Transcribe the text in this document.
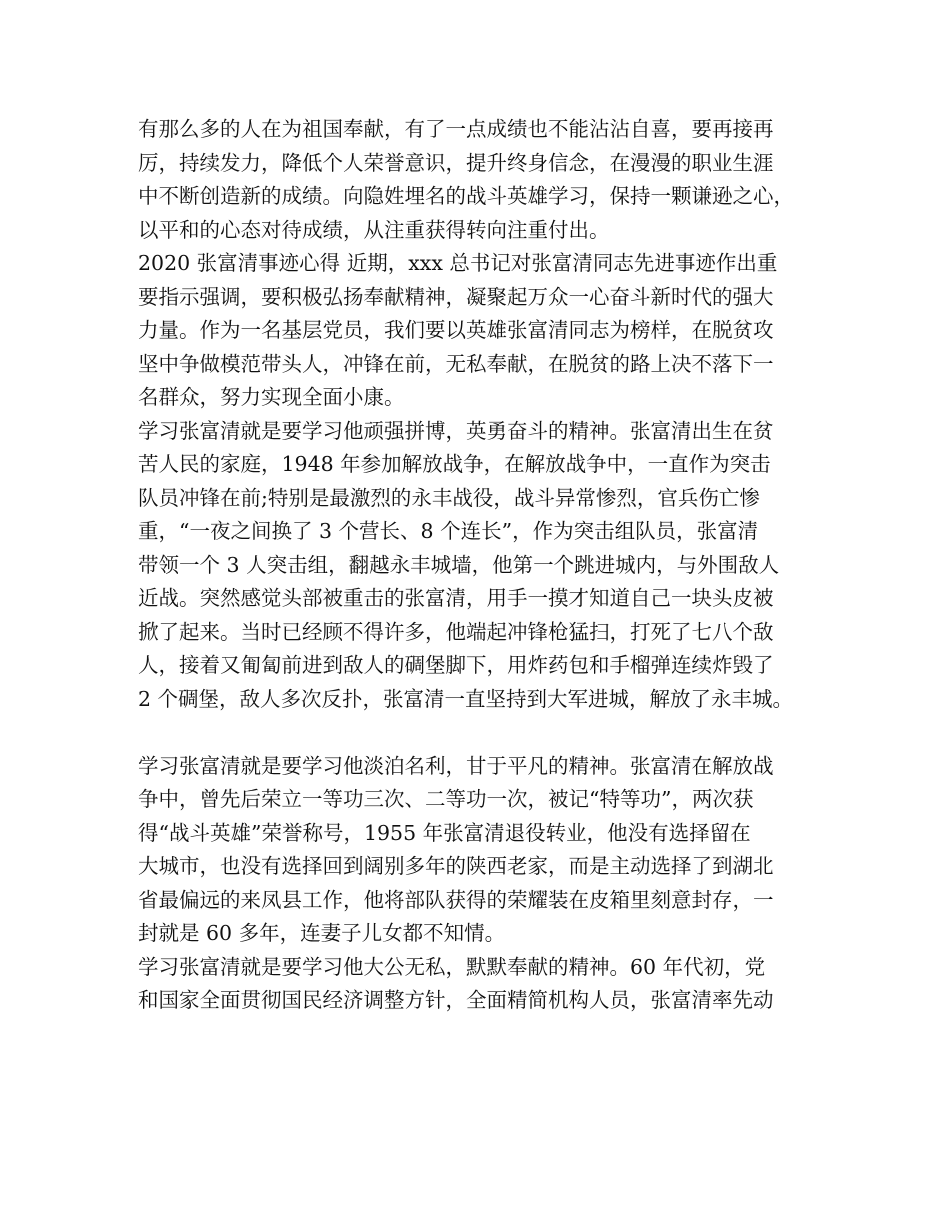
有那么多的人在为祖国奉献，有了一点成绩也不能沾沾自喜，要再接再
厉，持续发力，降低个人荣誉意识，提升终身信念，在漫漫的职业生涯
中不断创造新的成绩。向隐姓埋名的战斗英雄学习，保持一颗谦逊之心，
以平和的心态对待成绩，从注重获得转向注重付出。

2020 张富清事迹心得 近期，xxx 总书记对张富清同志先进事迹作出重
要指示强调，要积极弘扬奉献精神，凝聚起万众一心奋斗新时代的强大
力量。作为一名基层党员，我们要以英雄张富清同志为榜样，在脱贫攻
坚中争做模范带头人，冲锋在前，无私奉献，在脱贫的路上决不落下一
名群众，努力实现全面小康。

学习张富清就是要学习他顽强拼博，英勇奋斗的精神。张富清出生在贫
苦人民的家庭，1948 年参加解放战争，在解放战争中，一直作为突击
队员冲锋在前;特别是最激烈的永丰战役，战斗异常惨烈，官兵伤亡惨
重，“一夜之间换了 3 个营长、8 个连长”，作为突击组队员，张富清
带领一个 3 人突击组，翻越永丰城墙，他第一个跳进城内，与外围敌人
近战。突然感觉头部被重击的张富清，用手一摸才知道自己一块头皮被
掀了起来。当时已经顾不得许多，他端起冲锋枪猛扫，打死了七八个敌
人，接着又匍匐前进到敌人的碉堡脚下，用炸药包和手榴弹连续炸毁了
2 个碉堡，敌人多次反扑，张富清一直坚持到大军进城，解放了永丰城。

学习张富清就是要学习他淡泊名利，甘于平凡的精神。张富清在解放战
争中，曾先后荣立一等功三次、二等功一次，被记“特等功”，两次获
得“战斗英雄”荣誉称号，1955 年张富清退役转业，他没有选择留在
大城市，也没有选择回到阔别多年的陕西老家，而是主动选择了到湖北
省最偏远的来凤县工作，他将部队获得的荣耀装在皮箱里刻意封存，一
封就是 60 多年，连妻子儿女都不知情。

学习张富清就是要学习他大公无私，默默奉献的精神。60 年代初，党
和国家全面贯彻国民经济调整方针，全面精简机构人员，张富清率先动
